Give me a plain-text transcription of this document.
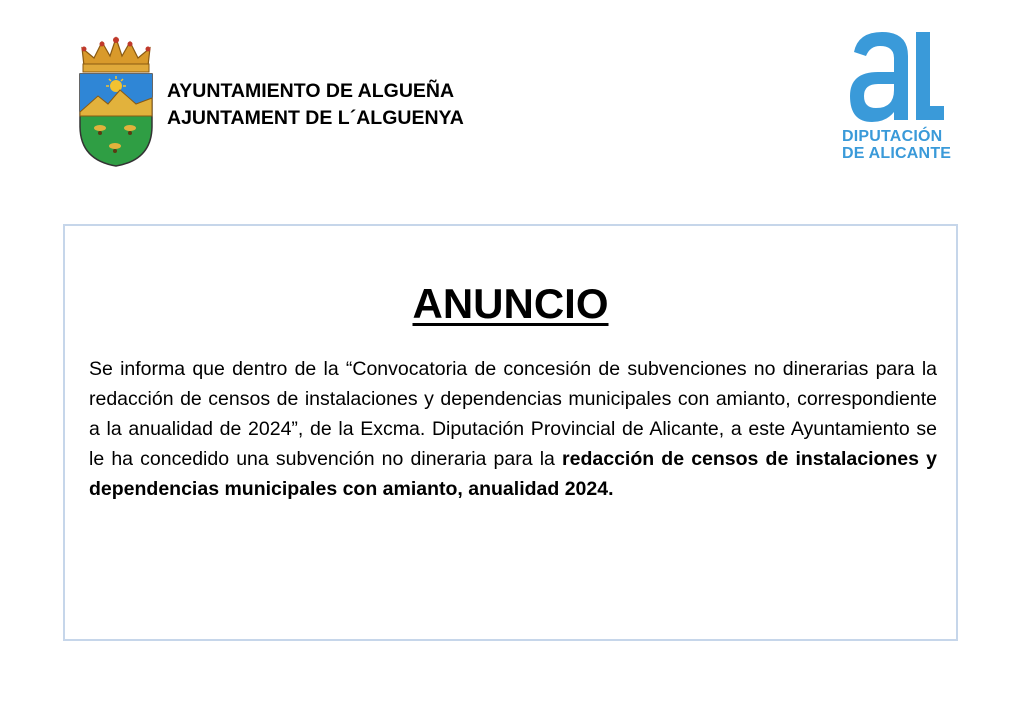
AYUNTAMIENTO DE ALGUEÑA
AJUNTAMENT DE L´ALGUENYA
DIPUTACIÓN
DE ALICANTE
ANUNCIO
Se informa que dentro de la “Convocatoria de concesión de subvenciones no dinerarias para la redacción de censos de instalaciones y dependencias municipales con amianto, correspondiente a la anualidad de 2024”, de la Excma. Diputación Provincial de Alicante, a este Ayuntamiento se le ha concedido una subvención no dineraria para la redacción de censos de instalaciones y dependencias municipales con amianto, anualidad 2024.
